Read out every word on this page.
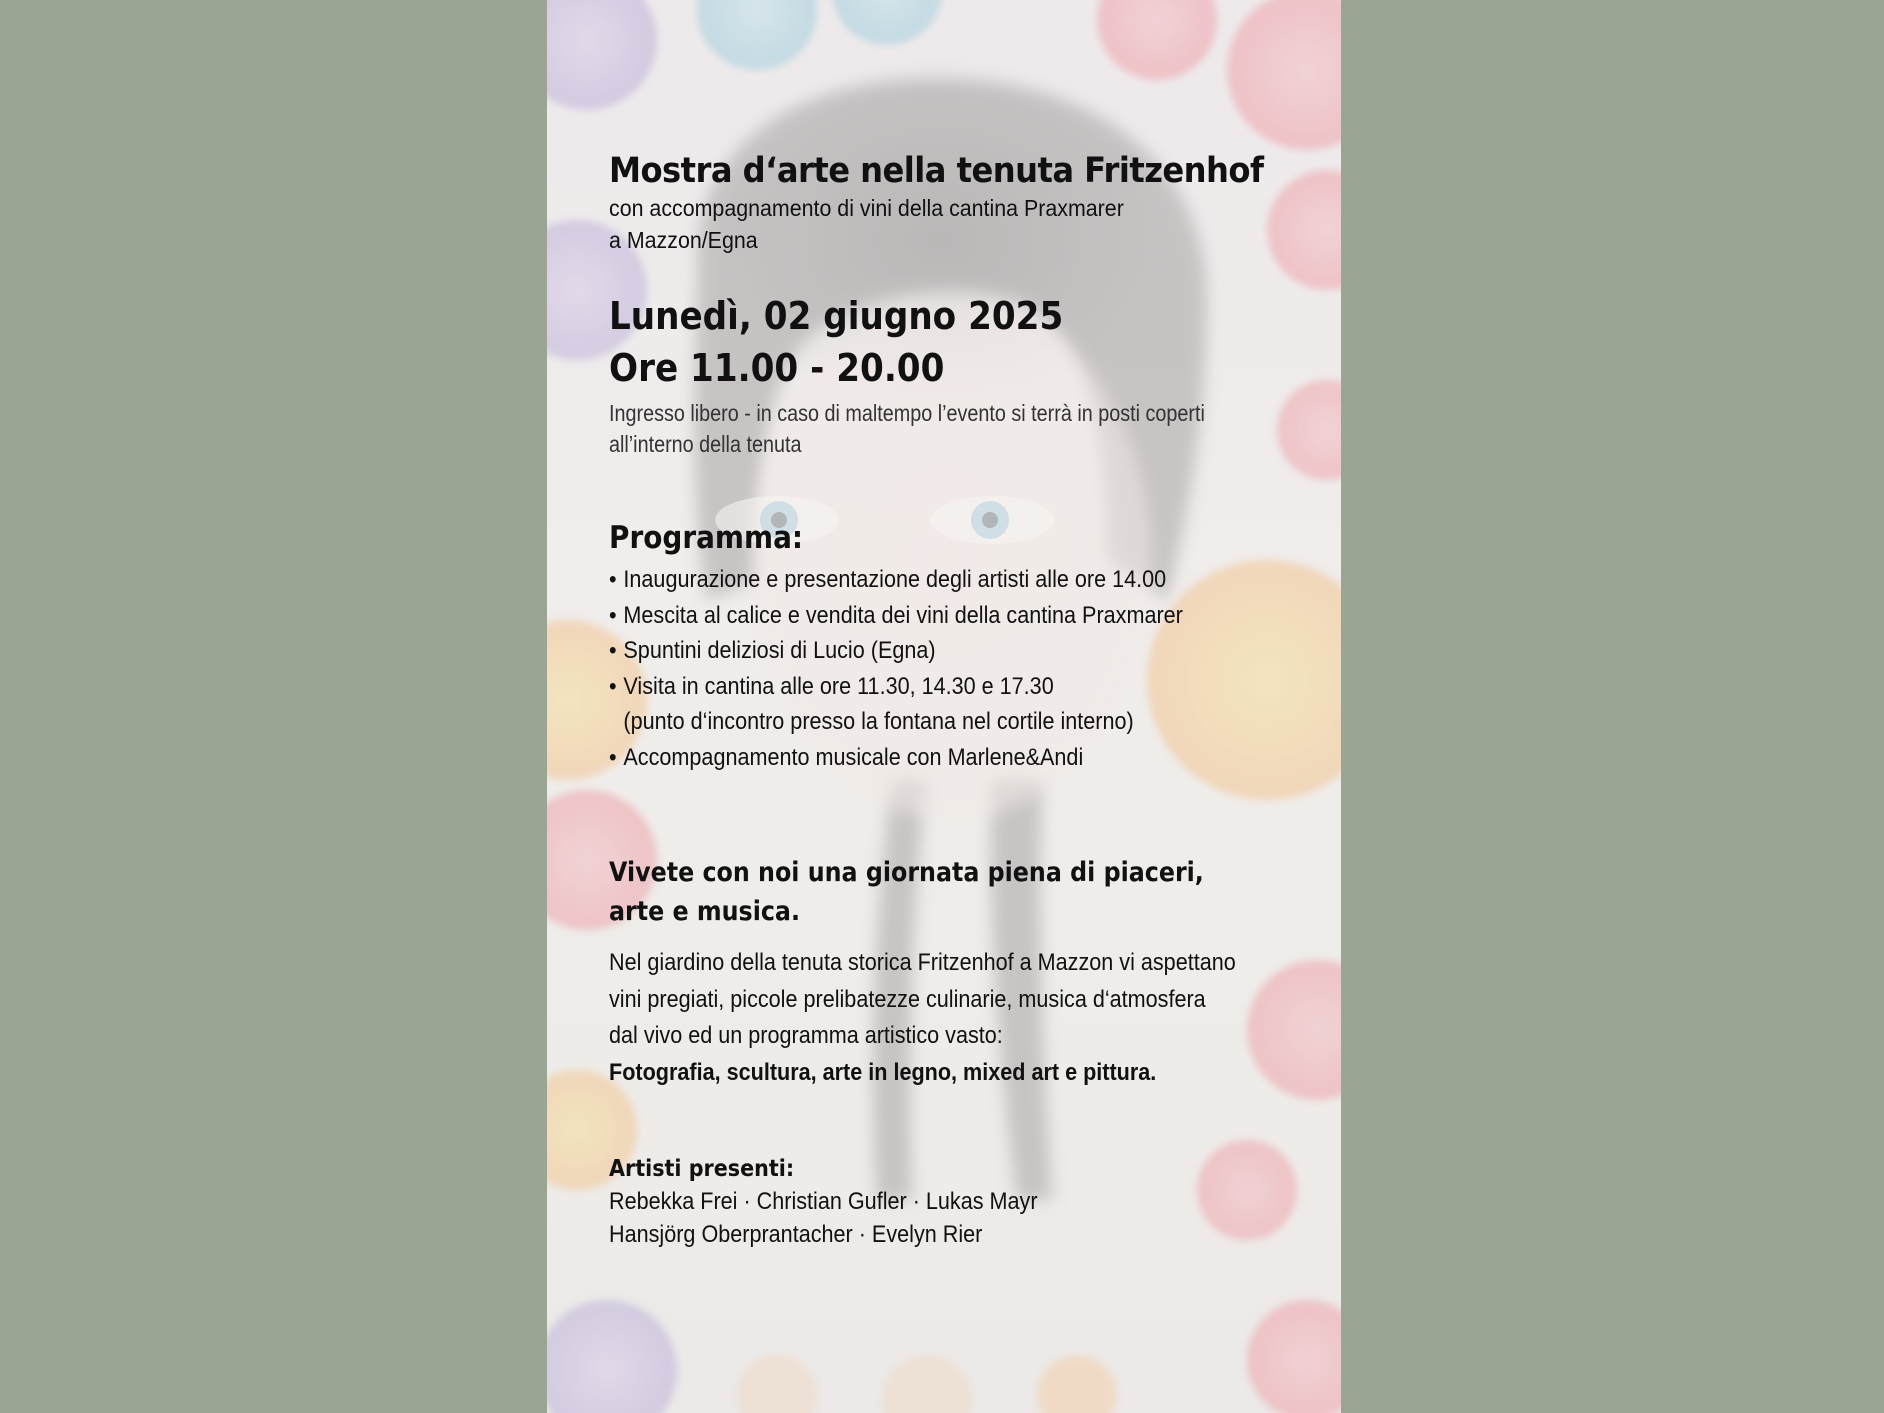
Mostra d‘arte nella tenuta Fritzenhof
con accompagnamento di vini della cantina Praxmarer
a Mazzon/Egna
Lunedì, 02 giugno 2025
Ore 11.00 - 20.00
Ingresso libero - in caso di maltempo l’evento si terrà in posti coperti
all’interno della tenuta
Programma:
• Inaugurazione e presentazione degli artisti alle ore 14.00
• Mescita al calice e vendita dei vini della cantina Praxmarer
• Spuntini deliziosi di Lucio (Egna)
• Visita in cantina alle ore 11.30, 14.30 e 17.30
(punto d‘incontro presso la fontana nel cortile interno)
• Accompagnamento musicale con Marlene&Andi
Vivete con noi una giornata piena di piaceri,
arte e musica.
Nel giardino della tenuta storica Fritzenhof a Mazzon vi aspettano
vini pregiati, piccole prelibatezze culinarie, musica d‘atmosfera
dal vivo ed un programma artistico vasto:
Fotografia, scultura, arte in legno, mixed art e pittura.
Artisti presenti:
Rebekka Frei · Christian Gufler · Lukas Mayr
Hansjörg Oberprantacher · Evelyn Rier
